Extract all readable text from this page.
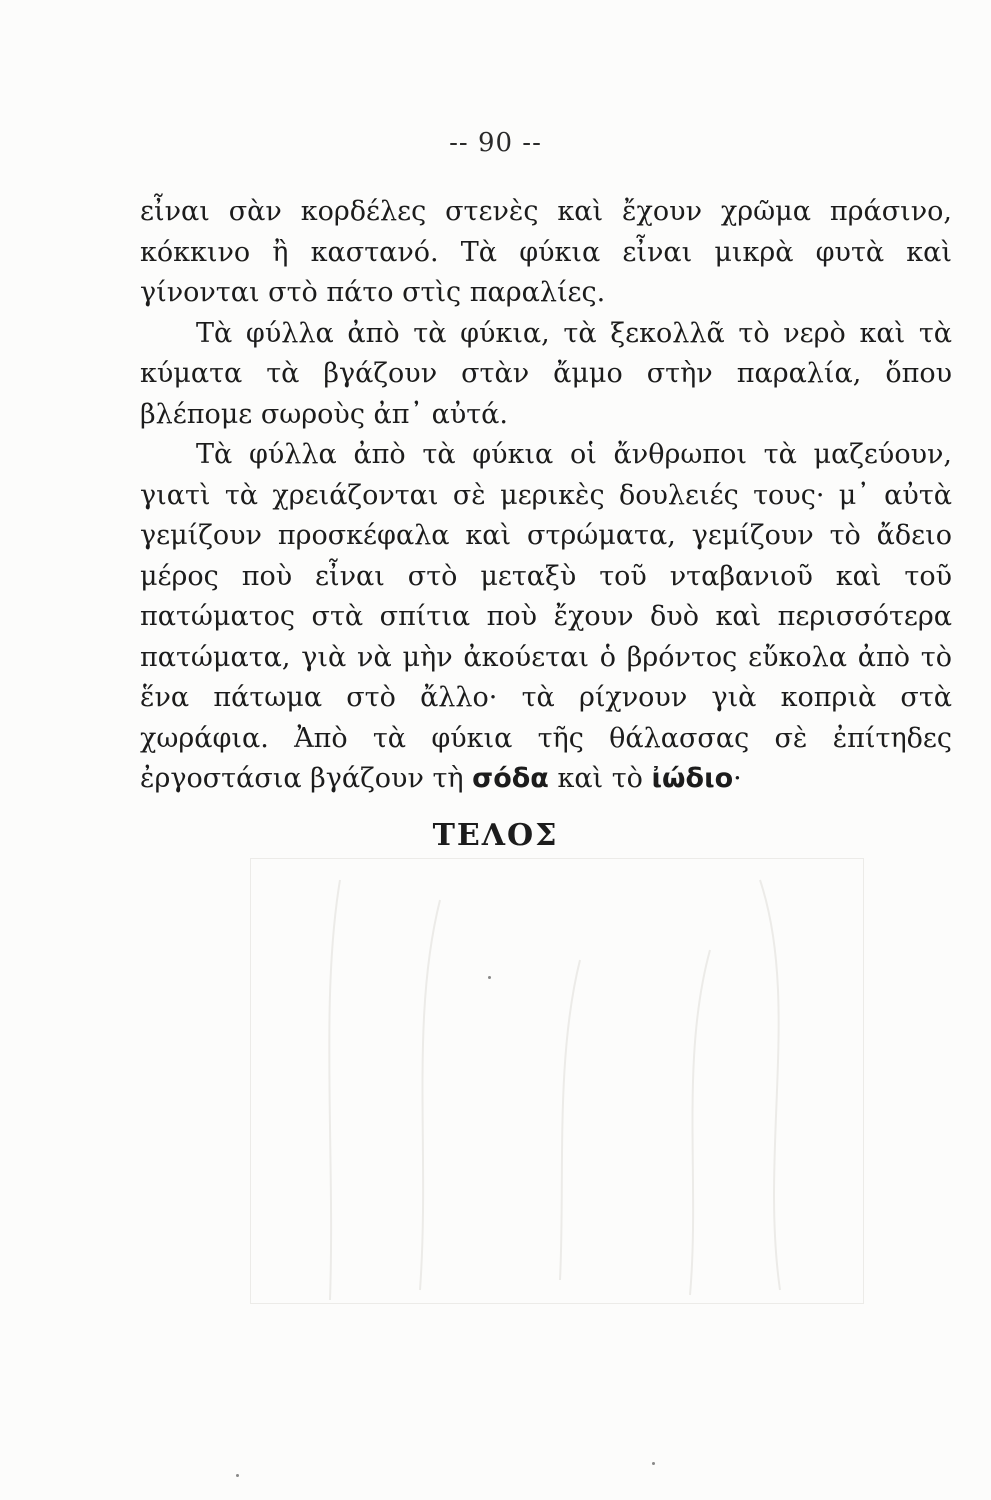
-- 90 --

εἶναι σὰν κορδέλες στενὲς καὶ ἔχουν χρῶμα πράσινο, κόκκινο ἢ καστανό. Τὰ φύκια εἶναι μικρὰ φυτὰ καὶ γίνονται στὸ πάτο στὶς παραλίες.

Τὰ φύλλα ἀπὸ τὰ φύκια, τὰ ξεκολλᾶ τὸ νερὸ καὶ τὰ κύματα τὰ βγάζουν στὰν ἄμμο στὴν παραλία, ὅπου βλέπομε σωροὺς ἀπ᾽ αὐτά.

Τὰ φύλλα ἀπὸ τὰ φύκια οἱ ἄνθρωποι τὰ μαζεύουν, γιατὶ τὰ χρειάζονται σὲ μερικὲς δουλειές τους· μ᾽ αὐτὰ γεμίζουν προσκέφαλα καὶ στρώματα, γεμίζουν τὸ ἄδειο μέρος ποὺ εἶναι στὸ μεταξὺ τοῦ νταβανιοῦ καὶ τοῦ πατώματος στὰ σπίτια ποὺ ἔχουν δυὸ καὶ περισσότερα πατώματα, γιὰ νὰ μὴν ἀκούεται ὁ βρόντος εὔκολα ἀπὸ τὸ ἕνα πάτωμα στὸ ἄλλο· τὰ ρίχνουν γιὰ κοπριὰ στὰ χωράφια. Ἀπὸ τὰ φύκια τῆς θάλασσας σὲ ἐπίτηδες ἐργοστάσια βγάζουν τὴ σόδα καὶ τὸ ἰώδιο·

ΤΕΛΟΣ
